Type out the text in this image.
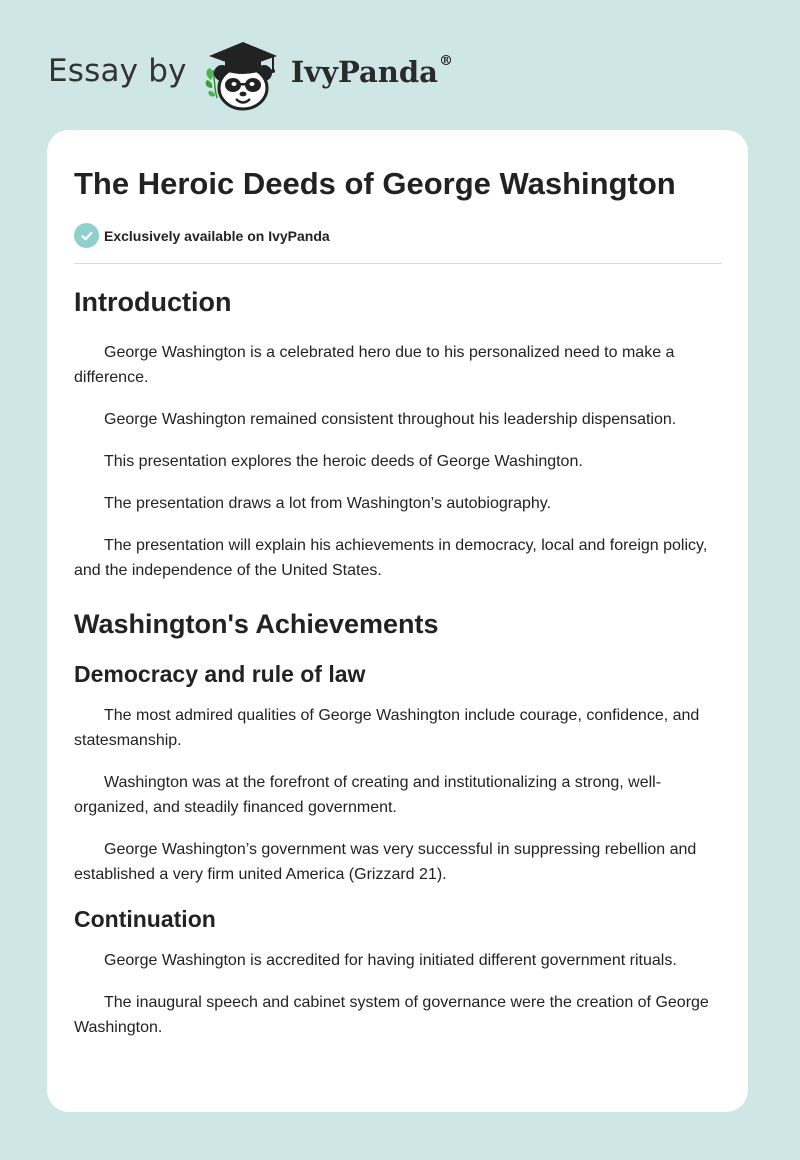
Essay by	IvyPanda®
The Heroic Deeds of George Washington
Exclusively available on IvyPanda
Introduction

George Washington is a celebrated hero due to his personalized need to make a difference.

George Washington remained consistent throughout his leadership dispensation.

This presentation explores the heroic deeds of George Washington.

The presentation draws a lot from Washington’s autobiography.

The presentation will explain his achievements in democracy, local and foreign policy, and the independence of the United States.

Washington's Achievements
Democracy and rule of law

The most admired qualities of George Washington include courage, confidence, and statesmanship.

Washington was at the forefront of creating and institutionalizing a strong, well-organized, and steadily financed government.

George Washington’s government was very successful in suppressing rebellion and established a very firm united America (Grizzard 21).

Continuation

George Washington is accredited for having initiated different government rituals.

The inaugural speech and cabinet system of governance were the creation of George Washington.
